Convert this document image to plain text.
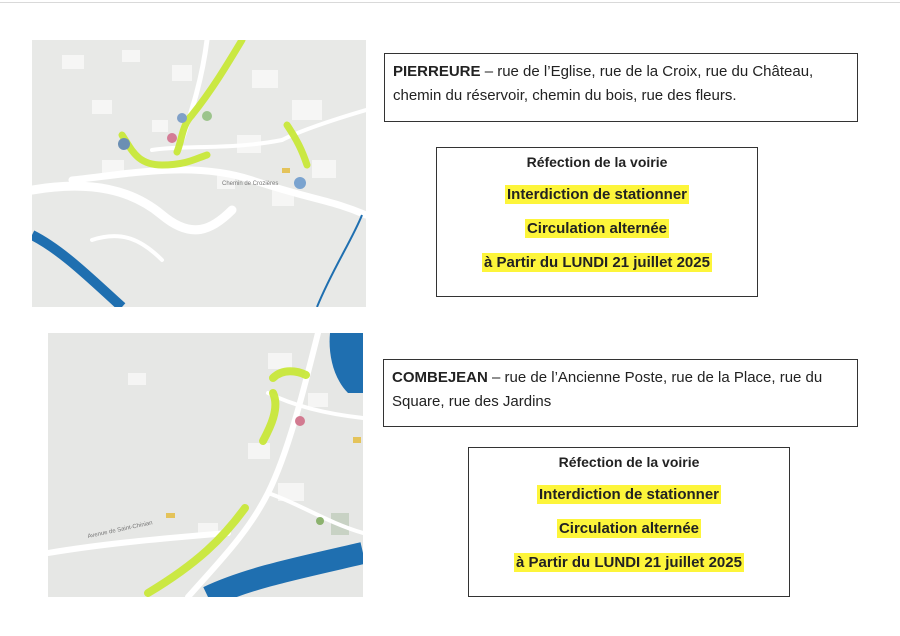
Chemin de Crozières
PIERREURE – rue de l’Eglise, rue de la Croix, rue du Château, chemin du réservoir, chemin du bois, rue des fleurs.
Réfection de la voirie
Interdiction de stationner
Circulation alternée
à Partir du LUNDI 21 juillet 2025
Avenue de Saint-Chinian
COMBEJEAN – rue de l’Ancienne Poste, rue de la Place, rue du Square, rue des Jardins
Réfection de la voirie
Interdiction de stationner
Circulation alternée
à Partir du LUNDI 21 juillet 2025
